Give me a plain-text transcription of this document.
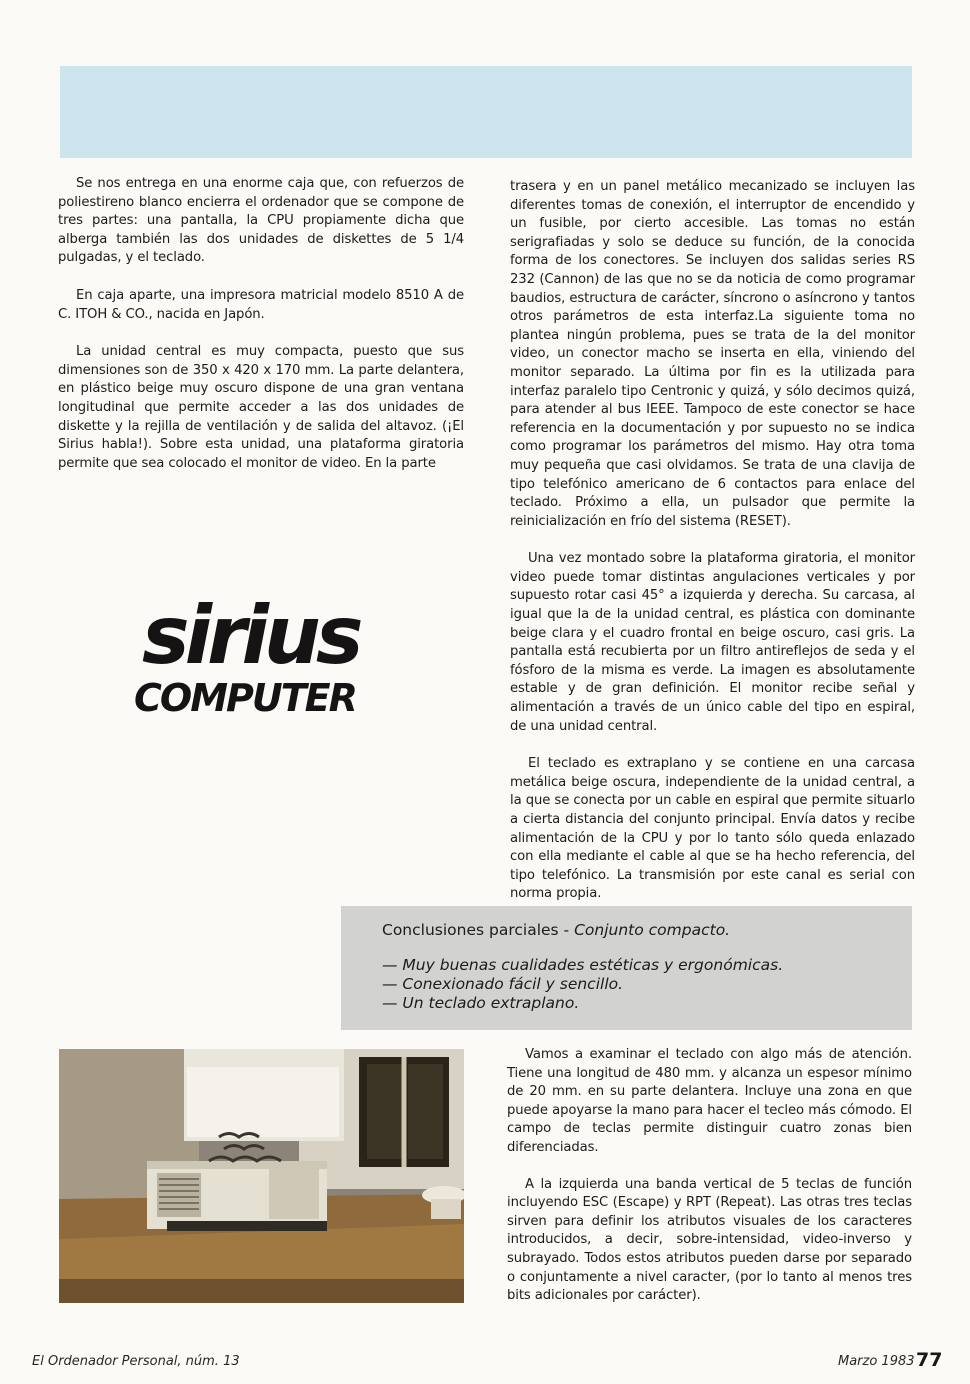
Se nos entrega en una enorme caja que, con refuerzos de poliestireno blanco encierra el ordenador que se compone de tres partes: una pantalla, la CPU propiamente dicha que alberga también las dos unidades de diskettes de 5 1/4 pulgadas, y el teclado.

En caja aparte, una impresora matricial modelo 8510 A de C. ITOH & CO., nacida en Japón.

La unidad central es muy compacta, puesto que sus dimensiones son de 350 x 420 x 170 mm. La parte delantera, en plástico beige muy oscuro dispone de una gran ventana longitudinal que permite acceder a las dos unidades de diskette y la rejilla de ventilación y de salida del altavoz. (¡El Sirius habla!). Sobre esta unidad, una plataforma giratoria permite que sea colocado el monitor de video. En la parte

sirius
COMPUTER

trasera y en un panel metálico mecanizado se incluyen las diferentes tomas de conexión, el interruptor de encendido y un fusible, por cierto accesible. Las tomas no están serigrafiadas y solo se deduce su función, de la conocida forma de los conectores. Se incluyen dos salidas series RS 232 (Cannon) de las que no se da noticia de como programar baudios, estructura de carácter, síncrono o asíncrono y tantos otros parámetros de esta interfaz.La siguiente toma no plantea ningún problema, pues se trata de la del monitor video, un conector macho se inserta en ella, viniendo del monitor separado. La última por fin es la utilizada para interfaz paralelo tipo Centronic y quizá, y sólo decimos quizá, para atender al bus IEEE. Tampoco de este conector se hace referencia en la documentación y por supuesto no se indica como programar los parámetros del mismo. Hay otra toma muy pequeña que casi olvidamos. Se trata de una clavija de tipo telefónico americano de 6 contactos para enlace del teclado. Próximo a ella, un pulsador que permite la reinicialización en frío del sistema (RESET).

Una vez montado sobre la plataforma giratoria, el monitor video puede tomar distintas angulaciones verticales y por supuesto rotar casi 45° a izquierda y derecha. Su carcasa, al igual que la de la unidad central, es plástica con dominante beige clara y el cuadro frontal en beige oscuro, casi gris. La pantalla está recubierta por un filtro antireflejos de seda y el fósforo de la misma es verde. La imagen es absolutamente estable y de gran definición. El monitor recibe señal y alimentación a través de un único cable del tipo en espiral, de una unidad central.

El teclado es extraplano y se contiene en una carcasa metálica beige oscura, independiente de la unidad central, a la que se conecta por un cable en espiral que permite situarlo a cierta distancia del conjunto principal. Envía datos y recibe alimentación de la CPU y por lo tanto sólo queda enlazado con ella mediante el cable al que se ha hecho referencia, del tipo telefónico. La transmisión por este canal es serial con norma propia.

Conclusiones parciales - Conjunto compacto.
— Muy buenas cualidades estéticas y ergonómicas.
— Conexionado fácil y sencillo.
— Un teclado extraplano.

Vamos a examinar el teclado con algo más de atención. Tiene una longitud de 480 mm. y alcanza un espesor mínimo de 20 mm. en su parte delantera. Incluye una zona en que puede apoyarse la mano para hacer el tecleo más cómodo. El campo de teclas permite distinguir cuatro zonas bien diferenciadas.

A la izquierda una banda vertical de 5 teclas de función incluyendo ESC (Escape) y RPT (Repeat). Las otras tres teclas sirven para definir los atributos visuales de los caracteres introducidos, a decir, sobre-intensidad, video-inverso y subrayado. Todos estos atributos pueden darse por separado o conjuntamente a nivel caracter, (por lo tanto al menos tres bits adicionales por carácter).

El Ordenador Personal, núm. 13	Marzo 1983 77
